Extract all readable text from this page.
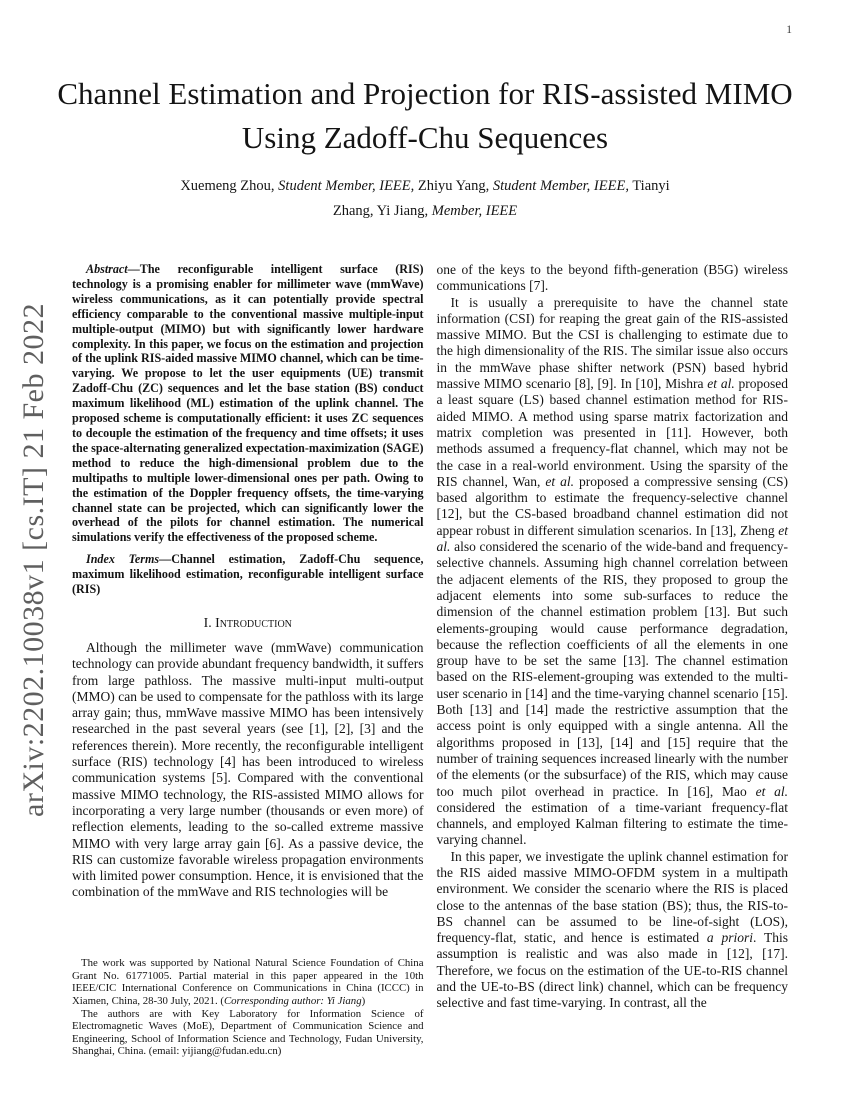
1
arXiv:2202.10038v1 [cs.IT] 21 Feb 2022
Channel Estimation and Projection for RIS-assisted MIMO Using Zadoff-Chu Sequences
Xuemeng Zhou, Student Member, IEEE, Zhiyu Yang, Student Member, IEEE, Tianyi Zhang, Yi Jiang, Member, IEEE

Abstract—The reconfigurable intelligent surface (RIS) technology is a promising enabler for millimeter wave (mmWave) wireless communications, as it can potentially provide spectral efficiency comparable to the conventional massive multiple-input multiple-output (MIMO) but with significantly lower hardware complexity. In this paper, we focus on the estimation and projection of the uplink RIS-aided massive MIMO channel, which can be time-varying. We propose to let the user equipments (UE) transmit Zadoff-Chu (ZC) sequences and let the base station (BS) conduct maximum likelihood (ML) estimation of the uplink channel. The proposed scheme is computationally efficient: it uses ZC sequences to decouple the estimation of the frequency and time offsets; it uses the space-alternating generalized expectation-maximization (SAGE) method to reduce the high-dimensional problem due to the multipaths to multiple lower-dimensional ones per path. Owing to the estimation of the Doppler frequency offsets, the time-varying channel state can be projected, which can significantly lower the overhead of the pilots for channel estimation. The numerical simulations verify the effectiveness of the proposed scheme.

Index Terms—Channel estimation, Zadoff-Chu sequence, maximum likelihood estimation, reconfigurable intelligent surface (RIS)

I. Introduction

Although the millimeter wave (mmWave) communication technology can provide abundant frequency bandwidth, it suffers from large pathloss. The massive multi-input multi-output (MMO) can be used to compensate for the pathloss with its large array gain; thus, mmWave massive MIMO has been intensively researched in the past several years (see [1], [2], [3] and the references therein). More recently, the reconfigurable intelligent surface (RIS) technology [4] has been introduced to wireless communication systems [5]. Compared with the conventional massive MIMO technology, the RIS-assisted MIMO allows for incorporating a very large number (thousands or even more) of reflection elements, leading to the so-called extreme massive MIMO with very large array gain [6]. As a passive device, the RIS can customize favorable wireless propagation environments with limited power consumption. Hence, it is envisioned that the combination of the mmWave and RIS technologies will be

The work was supported by National Natural Science Foundation of China Grant No. 61771005. Partial material in this paper appeared in the 10th IEEE/CIC International Conference on Communications in China (ICCC) in Xiamen, China, 28-30 July, 2021. (Corresponding author: Yi Jiang)

The authors are with Key Laboratory for Information Science of Electromagnetic Waves (MoE), Department of Communication Science and Engineering, School of Information Science and Technology, Fudan University, Shanghai, China. (email: yijiang@fudan.edu.cn)

one of the keys to the beyond fifth-generation (B5G) wireless communications [7].

It is usually a prerequisite to have the channel state information (CSI) for reaping the great gain of the RIS-assisted massive MIMO. But the CSI is challenging to estimate due to the high dimensionality of the RIS. The similar issue also occurs in the mmWave phase shifter network (PSN) based hybrid massive MIMO scenario [8], [9]. In [10], Mishra et al. proposed a least square (LS) based channel estimation method for RIS-aided MIMO. A method using sparse matrix factorization and matrix completion was presented in [11]. However, both methods assumed a frequency-flat channel, which may not be the case in a real-world environment. Using the sparsity of the RIS channel, Wan, et al. proposed a compressive sensing (CS) based algorithm to estimate the frequency-selective channel [12], but the CS-based broadband channel estimation did not appear robust in different simulation scenarios. In [13], Zheng et al. also considered the scenario of the wide-band and frequency-selective channels. Assuming high channel correlation between the adjacent elements of the RIS, they proposed to group the adjacent elements into some sub-surfaces to reduce the dimension of the channel estimation problem [13]. But such elements-grouping would cause performance degradation, because the reflection coefficients of all the elements in one group have to be set the same [13]. The channel estimation based on the RIS-element-grouping was extended to the multi-user scenario in [14] and the time-varying channel scenario [15]. Both [13] and [14] made the restrictive assumption that the access point is only equipped with a single antenna. All the algorithms proposed in [13], [14] and [15] require that the number of training sequences increased linearly with the number of the elements (or the subsurface) of the RIS, which may cause too much pilot overhead in practice. In [16], Mao et al. considered the estimation of a time-variant frequency-flat channels, and employed Kalman filtering to estimate the time-varying channel.

In this paper, we investigate the uplink channel estimation for the RIS aided massive MIMO-OFDM system in a multipath environment. We consider the scenario where the RIS is placed close to the antennas of the base station (BS); thus, the RIS-to-BS channel can be assumed to be line-of-sight (LOS), frequency-flat, static, and hence is estimated a priori. This assumption is realistic and was also made in [12], [17]. Therefore, we focus on the estimation of the UE-to-RIS channel and the UE-to-BS (direct link) channel, which can be frequency selective and fast time-varying. In contrast, all the
